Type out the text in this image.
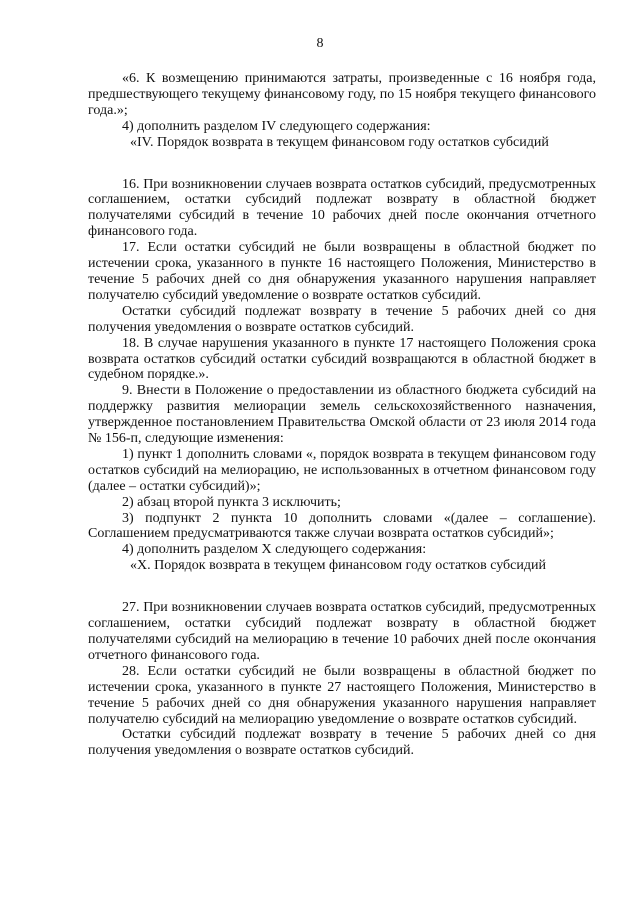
8

«6. К возмещению принимаются затраты, произведенные с 16 ноября года, предшествующего текущему финансовому году, по 15 ноября текущего финансового года.»;

4) дополнить разделом IV следующего содержания:

«IV. Порядок возврата в текущем финансовом году остатков субсидий

16. При возникновении случаев возврата остатков субсидий, предусмотренных соглашением, остатки субсидий подлежат возврату в областной бюджет получателями субсидий в течение 10 рабочих дней после окончания отчетного финансового года.

17. Если остатки субсидий не были возвращены в областной бюджет по истечении срока, указанного в пункте 16 настоящего Положения, Министерство в течение 5 рабочих дней со дня обнаружения указанного нарушения направляет получателю субсидий уведомление о возврате остатков субсидий.

Остатки субсидий подлежат возврату в течение 5 рабочих дней со дня получения уведомления о возврате остатков субсидий.

18. В случае нарушения указанного в пункте 17 настоящего Положения срока возврата остатков субсидий остатки субсидий возвращаются в областной бюджет в судебном порядке.».

9. Внести в Положение о предоставлении из областного бюджета субсидий на поддержку развития мелиорации земель сельскохозяйственного назначения, утвержденное постановлением Правительства Омской области от 23 июля 2014 года № 156-п, следующие изменения:

1) пункт 1 дополнить словами «, порядок возврата в текущем финансовом году остатков субсидий на мелиорацию, не использованных в отчетном финансовом году (далее – остатки субсидий)»;

2) абзац второй пункта 3 исключить;

3) подпункт 2 пункта 10 дополнить словами «(далее – соглашение). Соглашением предусматриваются также случаи возврата остатков субсидий»;

4) дополнить разделом X следующего содержания:

«X. Порядок возврата в текущем финансовом году остатков субсидий

27. При возникновении случаев возврата остатков субсидий, предусмотренных соглашением, остатки субсидий подлежат возврату в областной бюджет получателями субсидий на мелиорацию в течение 10 рабочих дней после окончания отчетного финансового года.

28. Если остатки субсидий не были возвращены в областной бюджет по истечении срока, указанного в пункте 27 настоящего Положения, Министерство в течение 5 рабочих дней со дня обнаружения указанного нарушения направляет получателю субсидий на мелиорацию уведомление о возврате остатков субсидий.

Остатки субсидий подлежат возврату в течение 5 рабочих дней со дня получения уведомления о возврате остатков субсидий.
